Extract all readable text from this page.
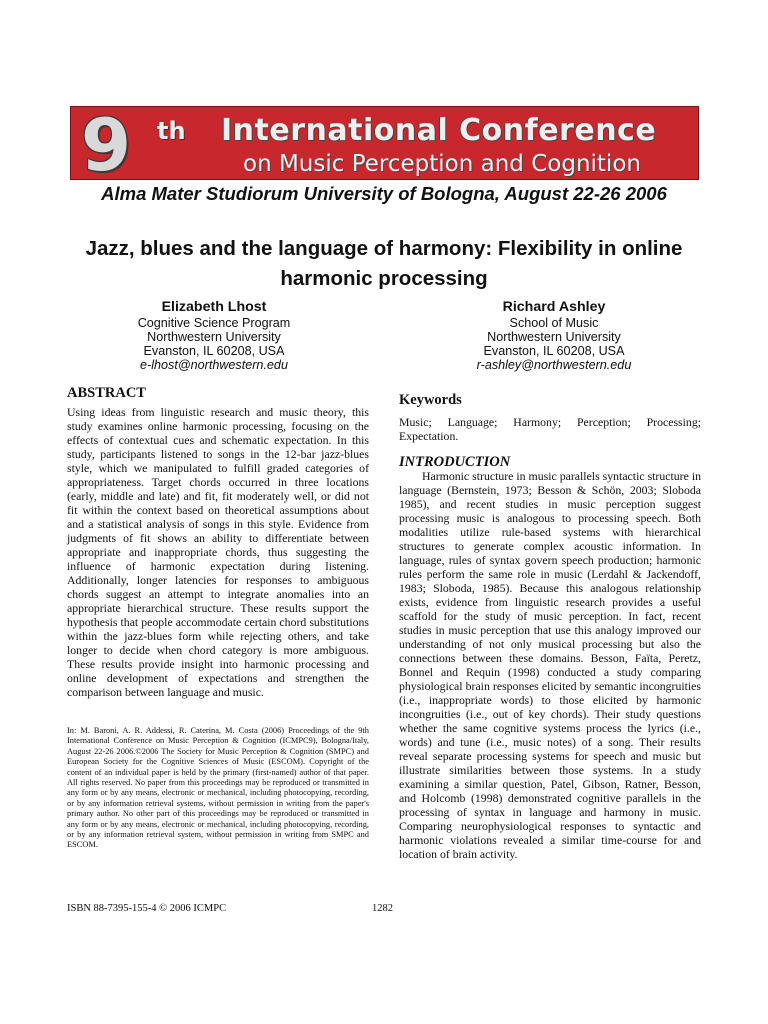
9 th International Conference
on Music Perception and Cognition
Alma Mater Studiorum University of Bologna, August 22-26 2006
Jazz, blues and the language of harmony: Flexibility in online harmonic processing
Elizabeth Lhost
Cognitive Science Program
Northwestern University
Evanston, IL 60208, USA
e-lhost@northwestern.edu
Richard Ashley
School of Music
Northwestern University
Evanston, IL 60208, USA
r-ashley@northwestern.edu
ABSTRACT
Using ideas from linguistic research and music theory, this study examines online harmonic processing, focusing on the effects of contextual cues and schematic expectation. In this study, participants listened to songs in the 12-bar jazz-blues style, which we manipulated to fulfill graded categories of appropriateness. Target chords occurred in three locations (early, middle and late) and fit, fit moderately well, or did not fit within the context based on theoretical assumptions about and a statistical analysis of songs in this style. Evidence from judgments of fit shows an ability to differentiate between appropriate and inappropriate chords, thus suggesting the influence of harmonic expectation during listening. Additionally, longer latencies for responses to ambiguous chords suggest an attempt to integrate anomalies into an appropriate hierarchical structure. These results support the hypothesis that people accommodate certain chord substitutions within the jazz-blues form while rejecting others, and take longer to decide when chord category is more ambiguous. These results provide insight into harmonic processing and online development of expectations and strengthen the comparison between language and music.
In: M. Baroni, A. R. Addessi, R. Caterina, M. Costa (2006) Proceedings of the 9th International Conference on Music Perception & Cognition (ICMPC9), Bologna/Italy, August 22-26 2006.©2006 The Society for Music Perception & Cognition (SMPC) and European Society for the Cognitive Sciences of Music (ESCOM). Copyright of the content of an individual paper is held by the primary (first-named) author of that paper. All rights reserved. No paper from this proceedings may be reproduced or transmitted in any form or by any means, electronic or mechanical, including photocopying, recording, or by any information retrieval systems, without permission in writing from the paper's primary author. No other part of this proceedings may be reproduced or transmitted in any form or by any means, electronic or mechanical, including photocopying, recording, or by any information retrieval system, without permission in writing from SMPC and ESCOM.
Keywords
Music; Language; Harmony; Perception; Processing; Expectation.
INTRODUCTION
Harmonic structure in music parallels syntactic structure in language (Bernstein, 1973; Besson & Schön, 2003; Sloboda 1985), and recent studies in music perception suggest processing music is analogous to processing speech. Both modalities utilize rule-based systems with hierarchical structures to generate complex acoustic information. In language, rules of syntax govern speech production; harmonic rules perform the same role in music (Lerdahl & Jackendoff, 1983; Sloboda, 1985). Because this analogous relationship exists, evidence from linguistic research provides a useful scaffold for the study of music perception. In fact, recent studies in music perception that use this analogy improved our understanding of not only musical processing but also the connections between these domains. Besson, Faïta, Peretz, Bonnel and Requin (1998) conducted a study comparing physiological brain responses elicited by semantic incongruities (i.e., inappropriate words) to those elicited by harmonic incongruities (i.e., out of key chords). Their study questions whether the same cognitive systems process the lyrics (i.e., words) and tune (i.e., music notes) of a song. Their results reveal separate processing systems for speech and music but illustrate similarities between those systems. In a study examining a similar question, Patel, Gibson, Ratner, Besson, and Holcomb (1998) demonstrated cognitive parallels in the processing of syntax in language and harmony in music. Comparing neurophysiological responses to syntactic and harmonic violations revealed a similar time-course for and location of brain activity.
ISBN 88-7395-155-4 © 2006 ICMPC	1282
